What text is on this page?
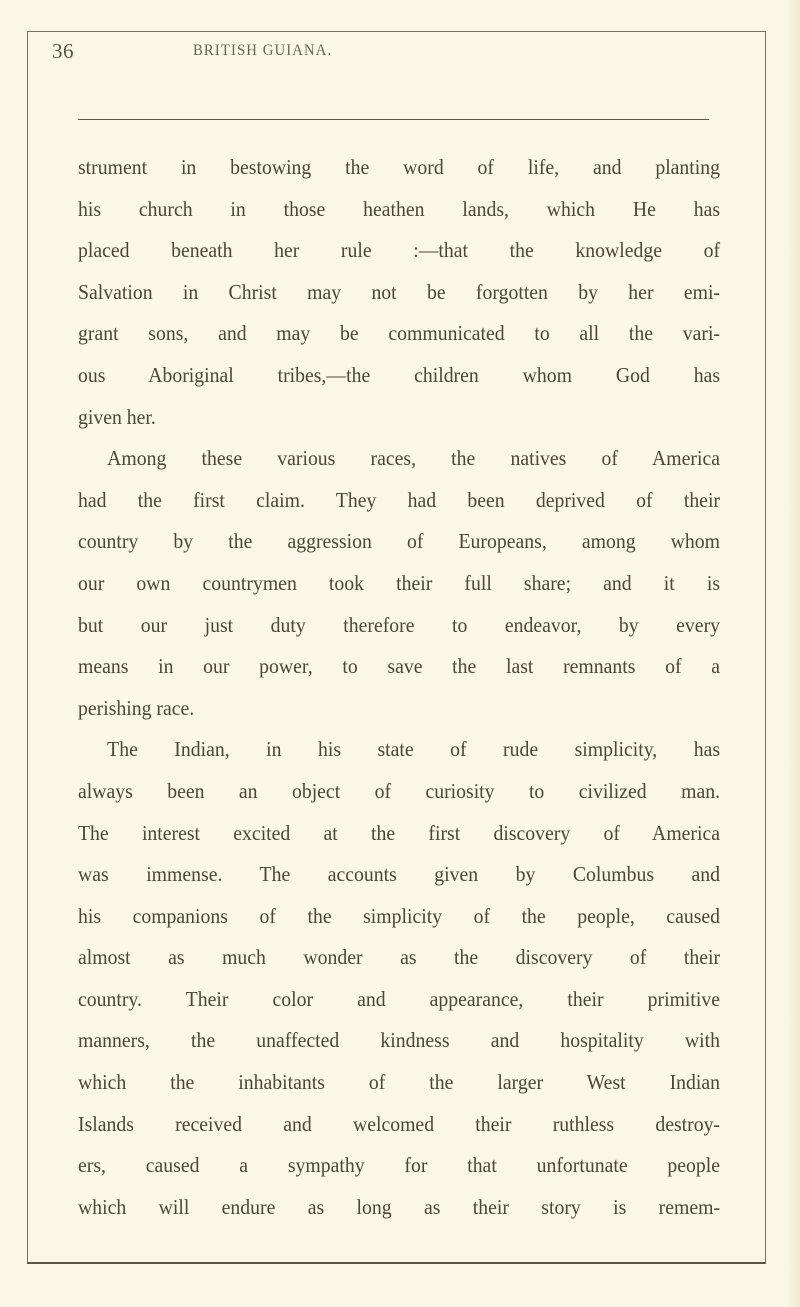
36	BRITISH GUIANA.
strument in bestowing the word of life, and planting
his church in those heathen lands, which He has
placed beneath her rule :—that the knowledge of
Salvation in Christ may not be forgotten by her emi-
grant sons, and may be communicated to all the vari-
ous Aboriginal tribes,—the children whom God has
given her.
Among these various races, the natives of America
had the first claim. They had been deprived of their
country by the aggression of Europeans, among whom
our own countrymen took their full share; and it is
but our just duty therefore to endeavor, by every
means in our power, to save the last remnants of a
perishing race.
The Indian, in his state of rude simplicity, has
always been an object of curiosity to civilized man.
The interest excited at the first discovery of America
was immense. The accounts given by Columbus and
his companions of the simplicity of the people, caused
almost as much wonder as the discovery of their
country. Their color and appearance, their primitive
manners, the unaffected kindness and hospitality with
which the inhabitants of the larger West Indian
Islands received and welcomed their ruthless destroy-
ers, caused a sympathy for that unfortunate people
which will endure as long as their story is remem-
